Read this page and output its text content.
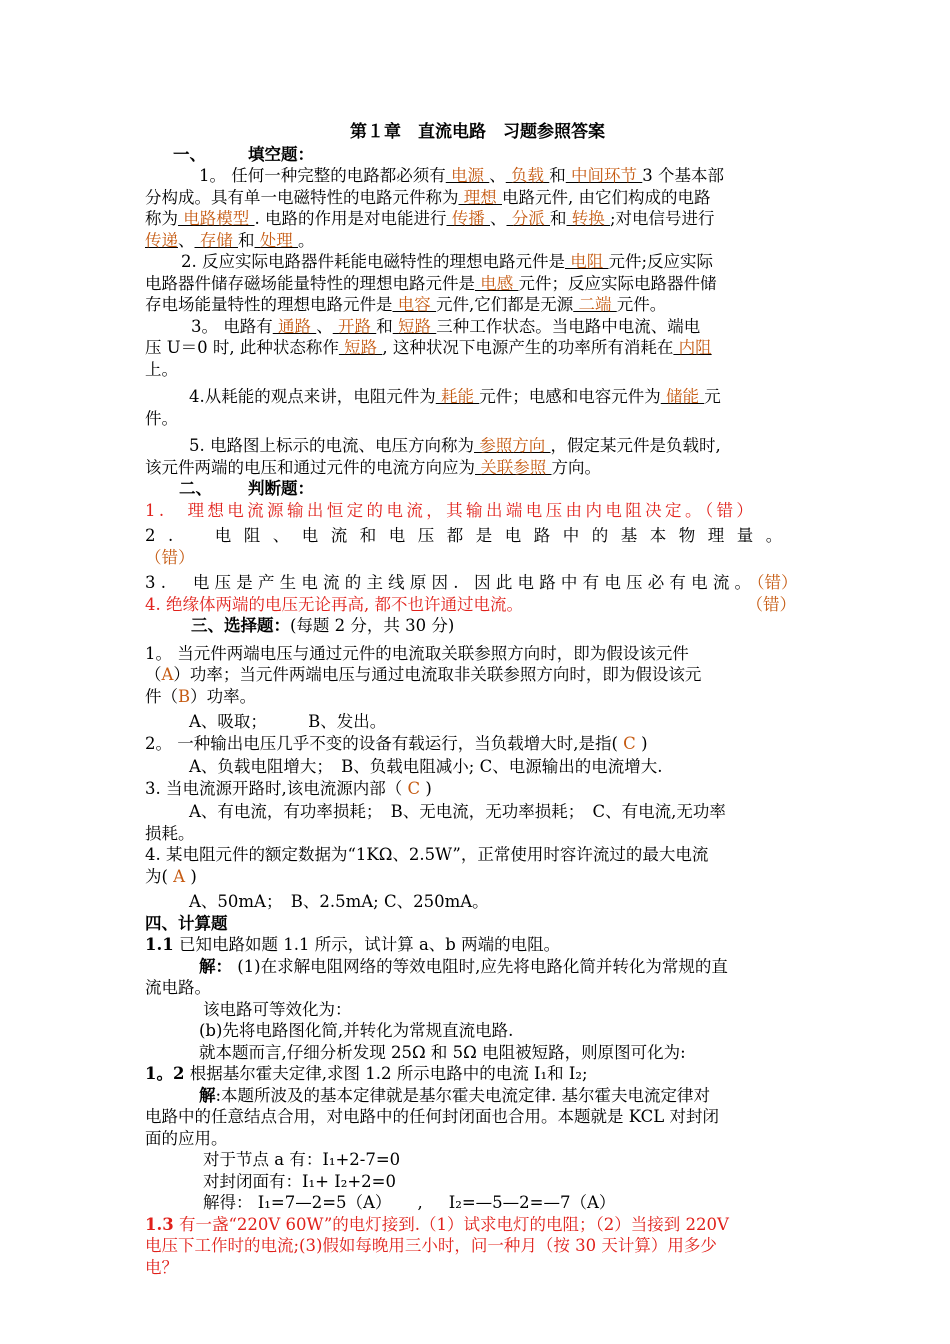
第１章　直流电路　习题参照答案
一、	填空题：
1。 任何一种完整的电路都必须有 电源 、 负载 和 中间环节 3 个基本部
分构成。具有单一电磁特性的电路元件称为 理想 电路元件, 由它们构成的电路
称为 电路模型 . 电路的作用是对电能进行 传播 、 分派 和 转换 ;对电信号进行
传递、 存储 和 处理 。
2. 反应实际电路器件耗能电磁特性的理想电路元件是 电阻 元件;反应实际
电路器件储存磁场能量特性的理想电路元件是 电感 元件；反应实际电路器件储
存电场能量特性的理想电路元件是 电容 元件,它们都是无源 二端 元件。
3。 电路有 通路 、 开路 和 短路 三种工作状态。当电路中电流、端电
压 U＝0 时, 此种状态称作 短路 , 这种状况下电源产生的功率所有消耗在 内阻
上。
4.从耗能的观点来讲，电阻元件为 耗能 元件；电感和电容元件为 储能 元
件。
5. 电路图上标示的电流、电压方向称为 参照方向 ，假定某元件是负载时,
该元件两端的电压和通过元件的电流方向应为 关联参照 方向。
二、 判断题：
1.　理想电流源输出恒定的电流，其输出端电压由内电阻决定。（错）
2.　电阻、电流和电压都是电路中的基本物理量。（错）
3.　电压是产生电流的主线原因. 因此电路中有电压必有电流。（错）
4. 绝缘体两端的电压无论再高, 都不也许通过电流。	（错）
三、选择题：(每题 2 分，共 30 分)
1。 当元件两端电压与通过元件的电流取关联参照方向时，即为假设该元件
（A）功率；当元件两端电压与通过电流取非关联参照方向时，即为假设该元
件（B）功率。
A、吸取；　　　B、发出。
2。 一种输出电压几乎不变的设备有载运行，当负载增大时,是指( C )
A、负载电阻增大；　B、负载电阻减小; C、电源输出的电流增大.
3. 当电流源开路时,该电流源内部（ C )
A、有电流，有功率损耗；　B、无电流，无功率损耗；　C、有电流,无功率
损耗。
4. 某电阻元件的额定数据为“1KΩ、2.5W”，正常使用时容许流过的最大电流
为( A )
A、50mA；　B、2.5mA; C、250mA。
四、计算题
1.1 已知电路如题 1.1 所示，试计算 a、b 两端的电阻。
解： (1)在求解电阻网络的等效电阻时,应先将电路化简并转化为常规的直
流电路。
该电路可等效化为：
(b)先将电路图化简,并转化为常规直流电路.
就本题而言,仔细分析发现 25Ω 和 5Ω 电阻被短路，则原图可化为:
1。2 根据基尔霍夫定律,求图 1.2 所示电路中的电流 I₁和 I₂;
解:本题所波及的基本定律就是基尔霍夫电流定律. 基尔霍夫电流定律对
电路中的任意结点合用，对电路中的任何封闭面也合用。本题就是 KCL 对封闭
面的应用。
对于节点 a 有：I₁+2-7=0
对封闭面有：I₁+ I₂+2=0
解得： I₁=7—2=5（A） , I₂=—5—2=—7（A）
1.3 有一盏“220V 60W”的电灯接到.（1）试求电灯的电阻；（2）当接到 220V
电压下工作时的电流;(3)假如每晚用三小时，问一种月（按 30 天计算）用多少
电？
